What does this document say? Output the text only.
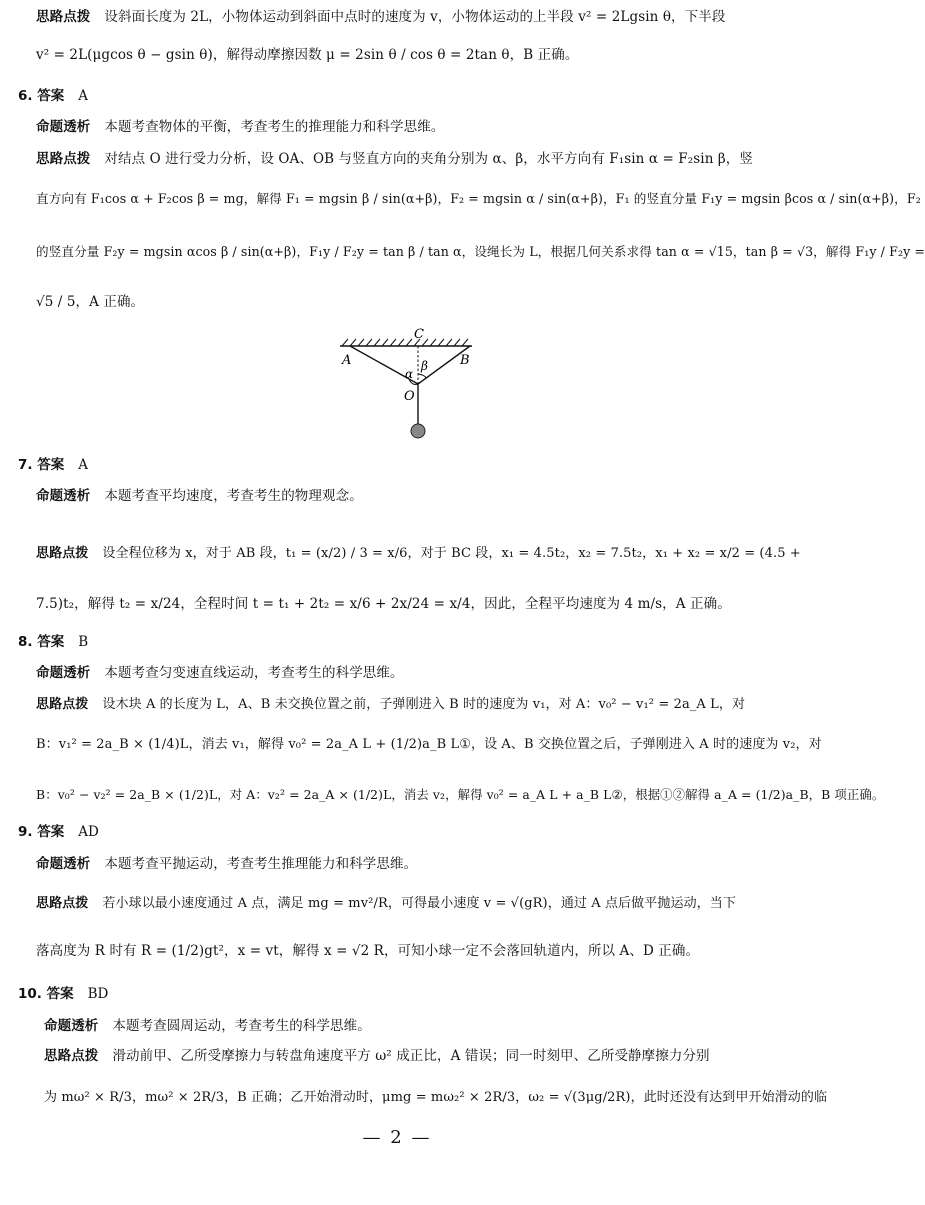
思路点拨 设斜面长度为 2L，小物体运动到斜面中点时的速度为 v，小物体运动的上半段 v² = 2Lgsin θ，下半段
v² = 2L(μgcos θ − gsin θ)，解得动摩擦因数 μ = 2sin θ / cos θ = 2tan θ，B 正确。
6. 答案 A
命题透析 本题考查物体的平衡，考查考生的推理能力和科学思维。
思路点拨 对结点 O 进行受力分析，设 OA、OB 与竖直方向的夹角分别为 α、β，水平方向有 F₁sin α = F₂sin β，竖
直方向有 F₁cos α + F₂cos β = mg，解得 F₁ = mgsin β / sin(α+β)，F₂ = mgsin α / sin(α+β)，F₁ 的竖直分量 F₁y = mgsin βcos α / sin(α+β)，F₂
的竖直分量 F₂y = mgsin αcos β / sin(α+β)，F₁y / F₂y = tan β / tan α，设绳长为 L，根据几何关系求得 tan α = √15，tan β = √3，解得 F₁y / F₂y =
√5 / 5，A 正确。
C
A	B
α
β
O
7. 答案 A
命题透析 本题考查平均速度，考查考生的物理观念。
思路点拨 设全程位移为 x，对于 AB 段，t₁ = (x/2) / 3 = x/6，对于 BC 段，x₁ = 4.5t₂，x₂ = 7.5t₂，x₁ + x₂ = x/2 = (4.5 +
7.5)t₂，解得 t₂ = x/24，全程时间 t = t₁ + 2t₂ = x/6 + 2x/24 = x/4，因此，全程平均速度为 4 m/s，A 正确。
8. 答案 B
命题透析 本题考查匀变速直线运动，考查考生的科学思维。
思路点拨 设木块 A 的长度为 L，A、B 未交换位置之前，子弹刚进入 B 时的速度为 v₁，对 A：v₀² − v₁² = 2a_A L，对
B：v₁² = 2a_B × (1/4)L，消去 v₁，解得 v₀² = 2a_A L + (1/2)a_B L①，设 A、B 交换位置之后，子弹刚进入 A 时的速度为 v₂，对
B：v₀² − v₂² = 2a_B × (1/2)L，对 A：v₂² = 2a_A × (1/2)L，消去 v₂，解得 v₀² = a_A L + a_B L②，根据①②解得 a_A = (1/2)a_B，B 项正确。
9. 答案 AD
命题透析 本题考查平抛运动，考查考生推理能力和科学思维。
思路点拨 若小球以最小速度通过 A 点，满足 mg = mv²/R，可得最小速度 v = √(gR)，通过 A 点后做平抛运动，当下
落高度为 R 时有 R = (1/2)gt²，x = vt，解得 x = √2 R，可知小球一定不会落回轨道内，所以 A、D 正确。
10. 答案 BD
命题透析 本题考查圆周运动，考查考生的科学思维。
思路点拨 滑动前甲、乙所受摩擦力与转盘角速度平方 ω² 成正比，A 错误；同一时刻甲、乙所受静摩擦力分别
为 mω² × R/3，mω² × 2R/3，B 正确；乙开始滑动时，μmg = mω₂² × 2R/3，ω₂ = √(3μg/2R)，此时还没有达到甲开始滑动的临
— 2 —
